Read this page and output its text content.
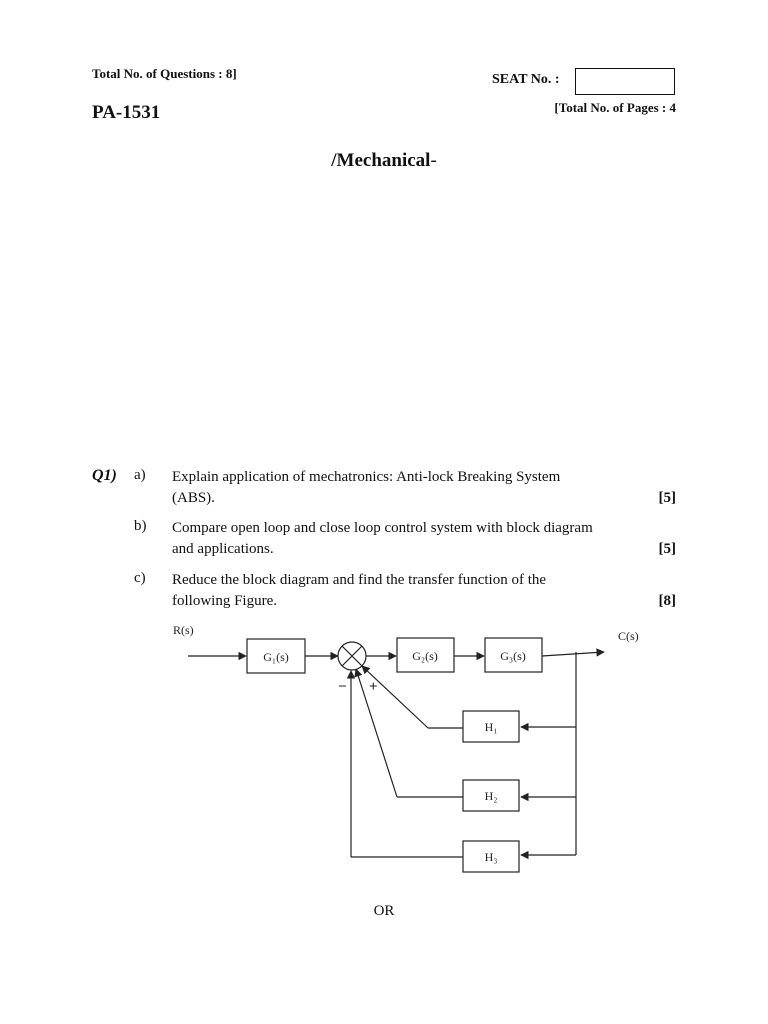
Total No. of Questions : 8]
PA-1531
SEAT No. :
[Total No. of Pages : 4
/Mechanical-
Q1) a) Explain application of mechatronics: Anti-lock Breaking System
(ABS).	[5]
b) Compare open loop and close loop control system with block diagram
and applications.	[5]
c) Reduce the block diagram and find the transfer function of the
following Figure.	[8]
R(s)	C(s)
G₁(s)	G₂(s)	G₃(s)
H₁
H₂
H₃
– +
OR
